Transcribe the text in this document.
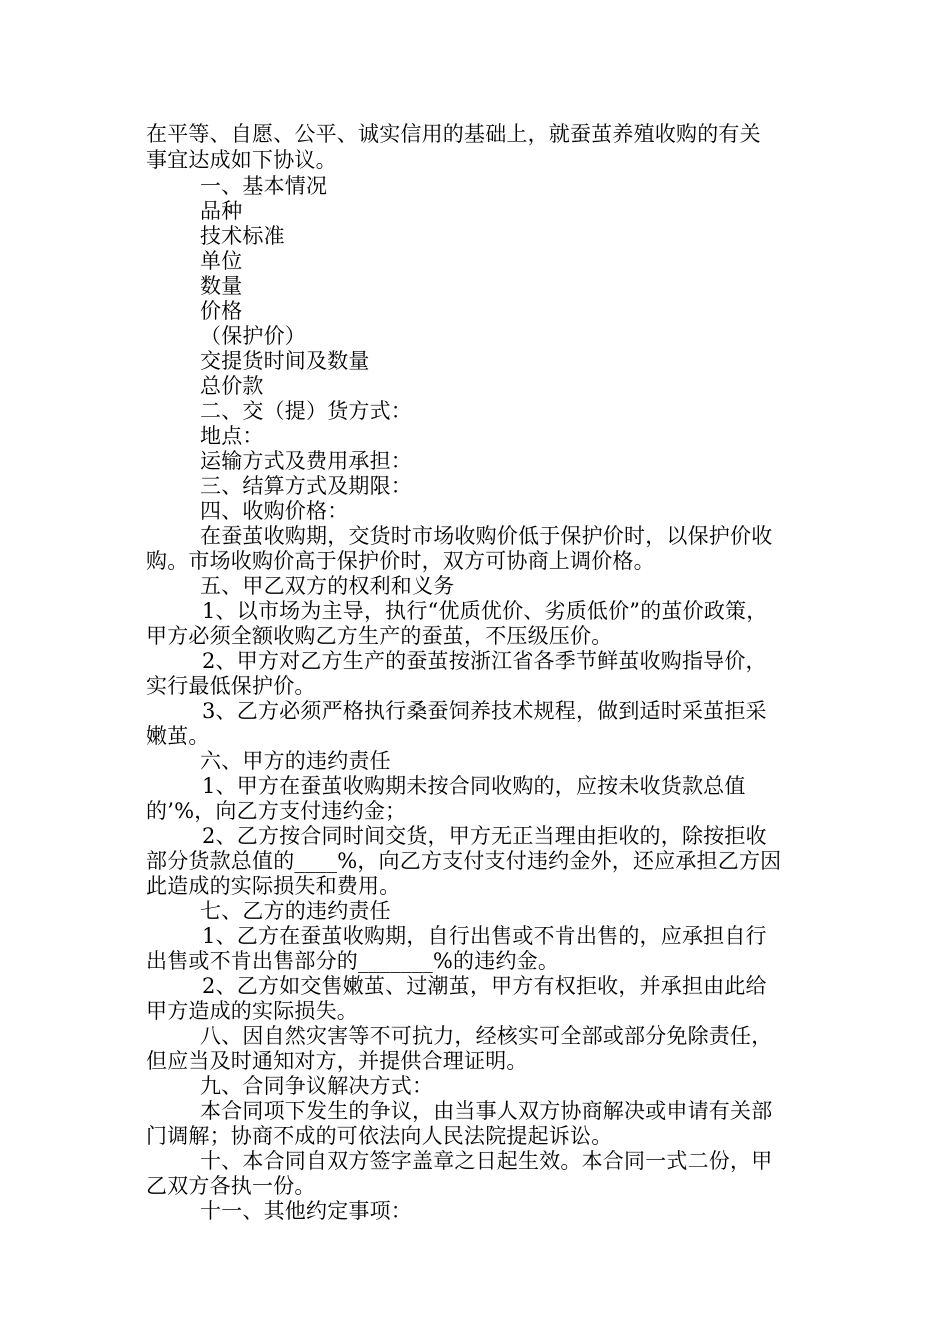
在平等、自愿、公平、诚实信用的基础上，就蚕茧养殖收购的有关
事宜达成如下协议。
一、基本情况
品种
技术标准
单位
数量
价格
（保护价）
交提货时间及数量
总价款
二、交（提）货方式：
地点：
运输方式及费用承担：
三、结算方式及期限：
四、收购价格：
在蚕茧收购期，交货时市场收购价低于保护价时，以保护价收
购。市场收购价高于保护价时，双方可协商上调价格。
五、甲乙双方的权利和义务
1、以市场为主导，执行“优质优价、劣质低价”的茧价政策，
甲方必须全额收购乙方生产的蚕茧，不压级压价。
2、甲方对乙方生产的蚕茧按浙江省各季节鲜茧收购指导价，
实行最低保护价。
3、乙方必须严格执行桑蚕饲养技术规程，做到适时采茧拒采
嫩茧。
六、甲方的违约责任
1、甲方在蚕茧收购期未按合同收购的，应按未收货款总值
的’%，向乙方支付违约金；
2、乙方按合同时间交货，甲方无正当理由拒收的，除按拒收
部分货款总值的____%，向乙方支付支付违约金外，还应承担乙方因
此造成的实际损失和费用。
七、乙方的违约责任
1、乙方在蚕茧收购期，自行出售或不肯出售的，应承担自行
出售或不肯出售部分的_______%的违约金。
2、乙方如交售嫩茧、过潮茧，甲方有权拒收，并承担由此给
甲方造成的实际损失。
八、因自然灾害等不可抗力，经核实可全部或部分免除责任，
但应当及时通知对方，并提供合理证明。
九、合同争议解决方式：
本合同项下发生的争议，由当事人双方协商解决或申请有关部
门调解；协商不成的可依法向人民法院提起诉讼。
十、本合同自双方签字盖章之日起生效。本合同一式二份，甲
乙双方各执一份。
十一、其他约定事项：
